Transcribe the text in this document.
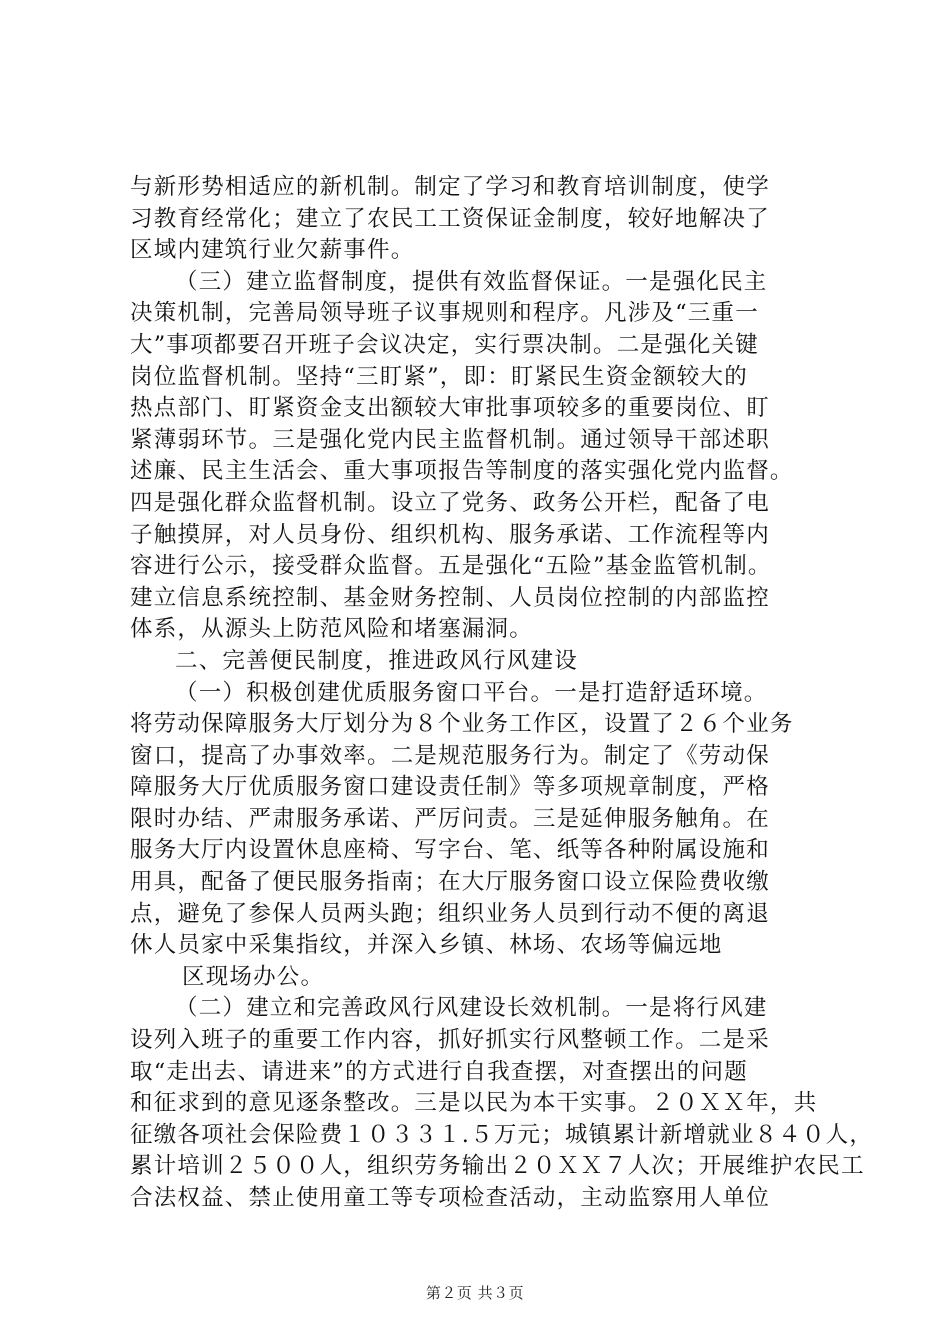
与新形势相适应的新机制。制定了学习和教育培训制度，使学
习教育经常化；建立了农民工工资保证金制度，较好地解决了
区域内建筑行业欠薪事件。
（三）建立监督制度，提供有效监督保证。一是强化民主
决策机制，完善局领导班子议事规则和程序。凡涉及“三重一
大”事项都要召开班子会议决定，实行票决制。二是强化关键
岗位监督机制。坚持“三盯紧”，即：盯紧民生资金额较大的
热点部门、盯紧资金支出额较大审批事项较多的重要岗位、盯
紧薄弱环节。三是强化党内民主监督机制。通过领导干部述职
述廉、民主生活会、重大事项报告等制度的落实强化党内监督。
四是强化群众监督机制。设立了党务、政务公开栏，配备了电
子触摸屏，对人员身份、组织机构、服务承诺、工作流程等内
容进行公示，接受群众监督。五是强化“五险”基金监管机制。
建立信息系统控制、基金财务控制、人员岗位控制的内部监控
体系，从源头上防范风险和堵塞漏洞。
二、完善便民制度，推进政风行风建设
（一）积极创建优质服务窗口平台。一是打造舒适环境。
将劳动保障服务大厅划分为８个业务工作区，设置了２６个业务
窗口，提高了办事效率。二是规范服务行为。制定了《劳动保
障服务大厅优质服务窗口建设责任制》等多项规章制度，严格
限时办结、严肃服务承诺、严厉问责。三是延伸服务触角。在
服务大厅内设置休息座椅、写字台、笔、纸等各种附属设施和
用具，配备了便民服务指南；在大厅服务窗口设立保险费收缴
点，避免了参保人员两头跑；组织业务人员到行动不便的离退
休人员家中采集指纹，并深入乡镇、林场、农场等偏远地
区现场办公。
（二）建立和完善政风行风建设长效机制。一是将行风建
设列入班子的重要工作内容，抓好抓实行风整顿工作。二是采
取“走出去、请进来”的方式进行自我查摆，对查摆出的问题
和征求到的意见逐条整改。三是以民为本干实事。２０ＸＸ年，共
征缴各项社会保险费１０３３１.５万元；城镇累计新增就业８４０人，
累计培训２５００人，组织劳务输出２０ＸＸ７人次；开展维护农民工
合法权益、禁止使用童工等专项检查活动，主动监察用人单位
第２页 共３页
